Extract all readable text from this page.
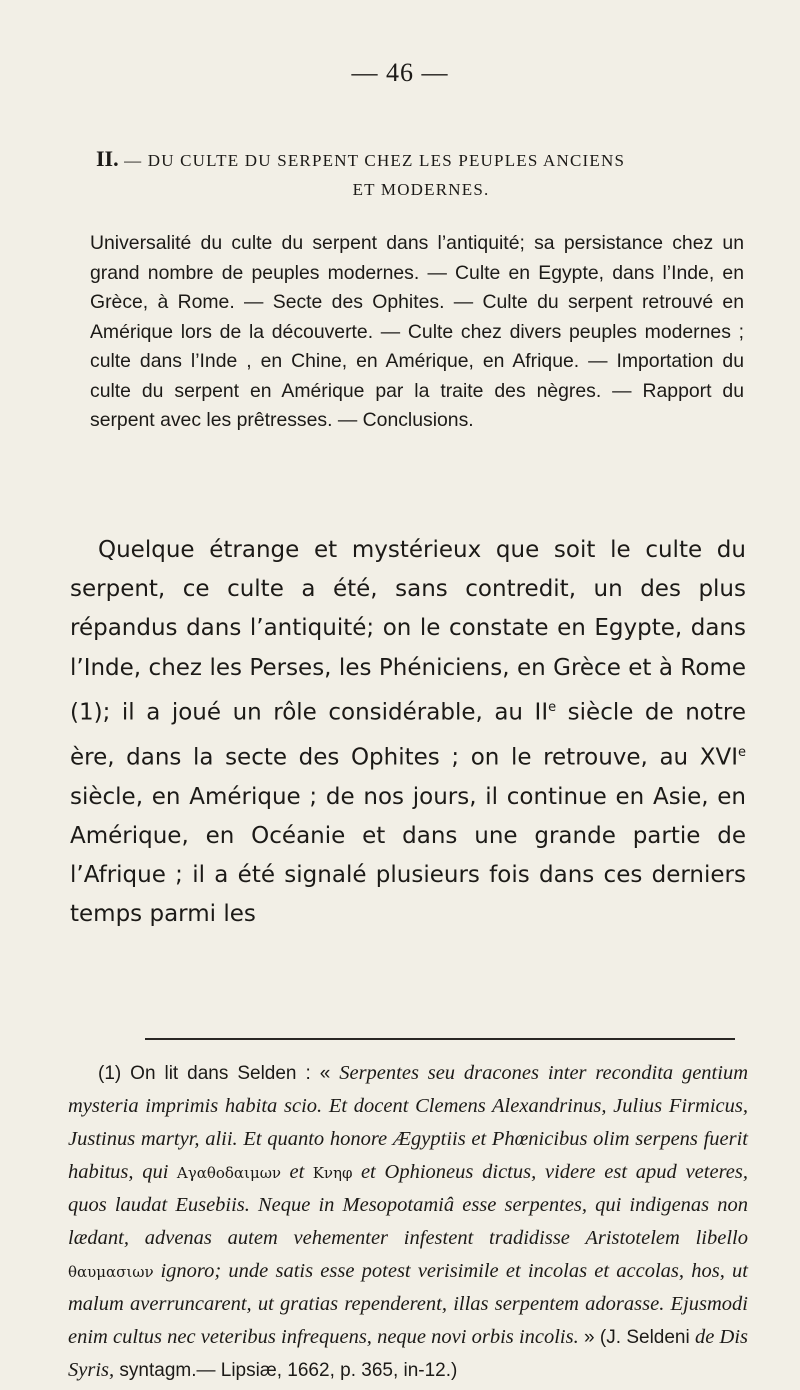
— 46 —
II. — DU CULTE DU SERPENT CHEZ LES PEUPLES ANCIENS
ET MODERNES.
Universalité du culte du serpent dans l’antiquité; sa persistance chez un grand nombre de peuples modernes. — Culte en Egypte, dans l’Inde, en Grèce, à Rome. — Secte des Ophites. — Culte du serpent retrouvé en Amérique lors de la découverte. — Culte chez divers peuples modernes ; culte dans l’Inde , en Chine, en Amérique, en Afrique. — Importation du culte du serpent en Amérique par la traite des nègres. — Rapport du serpent avec les prêtresses. — Conclusions.
Quelque étrange et mystérieux que soit le culte du serpent, ce culte a été, sans contredit, un des plus répandus dans l’antiquité; on le constate en Egypte, dans l’Inde, chez les Perses, les Phéniciens, en Grèce et à Rome (1); il a joué un rôle considérable, au IIe siècle de notre ère, dans la secte des Ophites ; on le retrouve, au XVIe siècle, en Amérique ; de nos jours, il continue en Asie, en Amérique, en Océanie et dans une grande partie de l’Afrique ; il a été signalé plusieurs fois dans ces derniers temps parmi les
(1) On lit dans Selden : « Serpentes seu dracones inter recondita gentium mysteria imprimis habita scio. Et docent Clemens Alexandrinus, Julius Firmicus, Justinus martyr, alii. Et quanto honore Ægyptiis et Phœnicibus olim serpens fuerit habitus, qui Αγαθοδαιμων et Κνηφ et Ophioneus dictus, videre est apud veteres, quos laudat Eusebiis. Neque in Mesopotamiâ esse serpentes, qui indigenas non lædant, advenas autem vehementer infestent tradidisse Aristotelem libello θαυμασιων ignoro; unde satis esse potest verisimile et incolas et accolas, hos, ut malum averruncarent, ut gratias rependerent, illas serpentem adorasse. Ejusmodi enim cultus nec veteribus infrequens, neque novi orbis incolis. » (J. Seldeni de Dis Syris, syntagm.— Lipsiæ, 1662, p. 365, in-12.)
